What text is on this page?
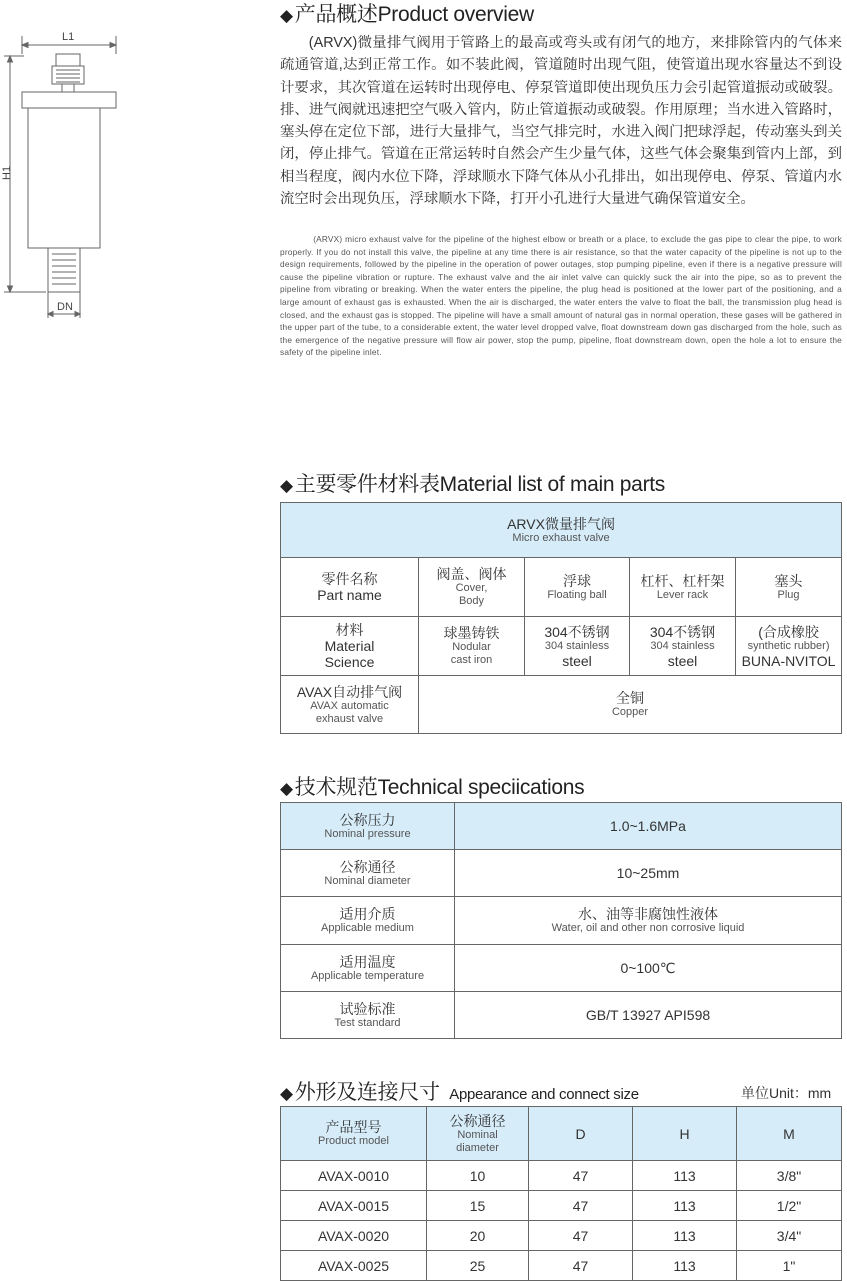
L1
H1
DN
◆产品概述Product overview
(ARVX)微量排气阀用于管路上的最高或弯头或有闭气的地方，来排除管内的气体来疏通管道,达到正常工作。如不装此阀，管道随时出现气阻，使管道出现水容量达不到设计要求，其次管道在运转时出现停电、停泵管道即使出现负压力会引起管道振动或破裂。排、进气阀就迅速把空气吸入管内，防止管道振动或破裂。作用原理；当水进入管路时，塞头停在定位下部，进行大量排气，当空气排完时，水进入阀门把球浮起，传动塞头到关闭，停止排气。管道在正常运转时自然会产生少量气体，这些气体会聚集到管内上部，到相当程度，阀内水位下降，浮球顺水下降气体从小孔排出，如出现停电、停泵、管道内水流空时会出现负压，浮球顺水下降，打开小孔进行大量进气确保管道安全。
(ARVX) micro exhaust valve for the pipeline of the highest elbow or breath or a place, to exclude the gas pipe to clear the pipe, to work properly. If you do not install this valve, the pipeline at any time there is air resistance, so that the water capacity of the pipeline is not up to the design requirements, followed by the pipeline in the operation of power outages, stop pumping pipeline, even if there is a negative pressure will cause the pipeline vibration or rupture. The exhaust valve and the air inlet valve can quickly suck the air into the pipe, so as to prevent the pipeline from vibrating or breaking. When the water enters the pipeline, the plug head is positioned at the lower part of the positioning, and a large amount of exhaust gas is exhausted. When the air is discharged, the water enters the valve to float the ball, the transmission plug head is closed, and the exhaust gas is stopped. The pipeline will have a small amount of natural gas in normal operation, these gases will be gathered in the upper part of the tube, to a considerable extent, the water level dropped valve, float downstream down gas discharged from the hole, such as the emergence of the negative pressure will flow air power, stop the pump, pipeline, float downstream down, open the hole a lot to ensure the safety of the pipeline inlet.
◆主要零件材料表Material list of main parts
ARVX微量排气阀
Micro exhaust valve				

零件名称
Part name	阀盖、阀体
Cover,
Body	浮球
Floating ball	杠杆、杠杆架
Lever rack	塞头
Plug

材料
Material
Science	球墨铸铁
Nodular
cast iron	304不锈钢
304 stainless
steel	304不锈钢
304 stainless
steel	(合成橡胶
synthetic rubber)
BUNA-NVITOL

AVAX自动排气阀
AVAX automatic
exhaust valve	全铜
Copper			
◆技术规范Technical speciications
公称压力
Nominal pressure	1.0~1.6MPa

公称通径
Nominal diameter	10~25mm

适用介质
Applicable medium	水、油等非腐蚀性液体
Water, oil and other non corrosive liquid

适用温度
Applicable temperature	0~100℃

试验标准
Test standard	GB/T 13927 API598
◆外形及连接尺寸 Appearance and connect size	单位Unit：mm
产品型号
Product model	公称通径
Nominal
diameter	D	H	M

AVAX-0010	10	47	113	3/8"
AVAX-0015	15	47	113	1/2"
AVAX-0020	20	47	113	3/4"
AVAX-0025	25	47	113	1"
